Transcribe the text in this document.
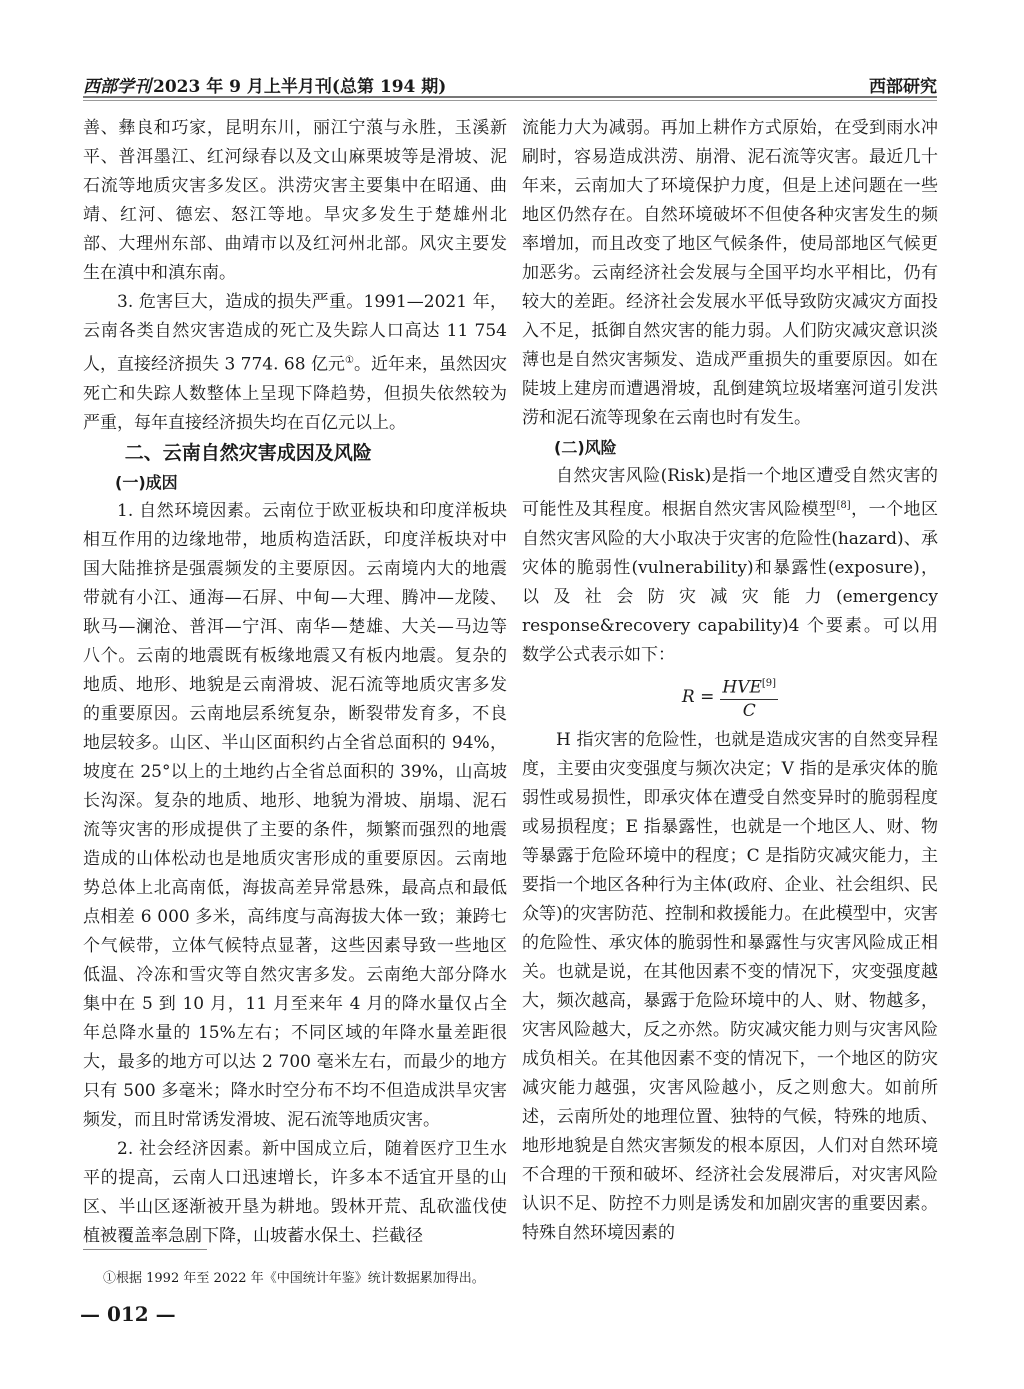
西部学刊 2023 年 9 月上半月刊(总第 194 期)	西部研究

善、彝良和巧家，昆明东川，丽江宁蒗与永胜，玉溪新平、普洱墨江、红河绿春以及文山麻栗坡等是滑坡、泥石流等地质灾害多发区。洪涝灾害主要集中在昭通、曲靖、红河、德宏、怒江等地。旱灾多发生于楚雄州北部、大理州东部、曲靖市以及红河州北部。风灾主要发生在滇中和滇东南。

3. 危害巨大，造成的损失严重。1991—2021 年，云南各类自然灾害造成的死亡及失踪人口高达 11 754 人，直接经济损失 3 774. 68 亿元①。近年来，虽然因灾死亡和失踪人数整体上呈现下降趋势，但损失依然较为严重，每年直接经济损失均在百亿元以上。

二、云南自然灾害成因及风险
(一)成因

1. 自然环境因素。云南位于欧亚板块和印度洋板块相互作用的边缘地带，地质构造活跃，印度洋板块对中国大陆推挤是强震频发的主要原因。云南境内大的地震带就有小江、通海—石屏、中甸—大理、腾冲—龙陵、耿马—澜沧、普洱—宁洱、南华—楚雄、大关—马边等八个。云南的地震既有板缘地震又有板内地震。复杂的地质、地形、地貌是云南滑坡、泥石流等地质灾害多发的重要原因。云南地层系统复杂，断裂带发育多，不良地层较多。山区、半山区面积约占全省总面积的 94%，坡度在 25°以上的土地约占全省总面积的 39%，山高坡长沟深。复杂的地质、地形、地貌为滑坡、崩塌、泥石流等灾害的形成提供了主要的条件，频繁而强烈的地震造成的山体松动也是地质灾害形成的重要原因。云南地势总体上北高南低，海拔高差异常悬殊，最高点和最低点相差 6 000 多米，高纬度与高海拔大体一致；兼跨七个气候带，立体气候特点显著，这些因素导致一些地区低温、冷冻和雪灾等自然灾害多发。云南绝大部分降水集中在 5 到 10 月，11 月至来年 4 月的降水量仅占全年总降水量的 15%左右；不同区域的年降水量差距很大，最多的地方可以达 2 700 毫米左右，而最少的地方只有 500 多毫米；降水时空分布不均不但造成洪旱灾害频发，而且时常诱发滑坡、泥石流等地质灾害。

2. 社会经济因素。新中国成立后，随着医疗卫生水平的提高，云南人口迅速增长，许多本不适宜开垦的山区、半山区逐渐被开垦为耕地。毁林开荒、乱砍滥伐使植被覆盖率急剧下降，山坡蓄水保土、拦截径

流能力大为减弱。再加上耕作方式原始，在受到雨水冲刷时，容易造成洪涝、崩滑、泥石流等灾害。最近几十年来，云南加大了环境保护力度，但是上述问题在一些地区仍然存在。自然环境破坏不但使各种灾害发生的频率增加，而且改变了地区气候条件，使局部地区气候更加恶劣。云南经济社会发展与全国平均水平相比，仍有较大的差距。经济社会发展水平低导致防灾减灾方面投入不足，抵御自然灾害的能力弱。人们防灾减灾意识淡薄也是自然灾害频发、造成严重损失的重要原因。如在陡坡上建房而遭遇滑坡，乱倒建筑垃圾堵塞河道引发洪涝和泥石流等现象在云南也时有发生。

(二)风险

自然灾害风险(Risk)是指一个地区遭受自然灾害的可能性及其程度。根据自然灾害风险模型[8]，一个地区自然灾害风险的大小取决于灾害的危险性(hazard)、承灾体的脆弱性(vulnerability)和暴露性(exposure)，以及社会防灾减灾能力(emergency response&recovery capability)4 个要素。可以用数学公式表示如下：

$R = \frac{HVE^{[9]}}{C}$

H 指灾害的危险性，也就是造成灾害的自然变异程度，主要由灾变强度与频次决定；V 指的是承灾体的脆弱性或易损性，即承灾体在遭受自然变异时的脆弱程度或易损程度；E 指暴露性，也就是一个地区人、财、物等暴露于危险环境中的程度；C 是指防灾减灾能力，主要指一个地区各种行为主体(政府、企业、社会组织、民众等)的灾害防范、控制和救援能力。在此模型中，灾害的危险性、承灾体的脆弱性和暴露性与灾害风险成正相关。也就是说，在其他因素不变的情况下，灾变强度越大，频次越高，暴露于危险环境中的人、财、物越多，灾害风险越大，反之亦然。防灾减灾能力则与灾害风险成负相关。在其他因素不变的情况下，一个地区的防灾减灾能力越强，灾害风险越小，反之则愈大。如前所述，云南所处的地理位置、独特的气候，特殊的地质、地形地貌是自然灾害频发的根本原因，人们对自然环境不合理的干预和破坏、经济社会发展滞后，对灾害风险认识不足、防控不力则是诱发和加剧灾害的重要因素。特殊自然环境因素的

①根据 1992 年至 2022 年《中国统计年鉴》统计数据累加得出。
— 012 —
